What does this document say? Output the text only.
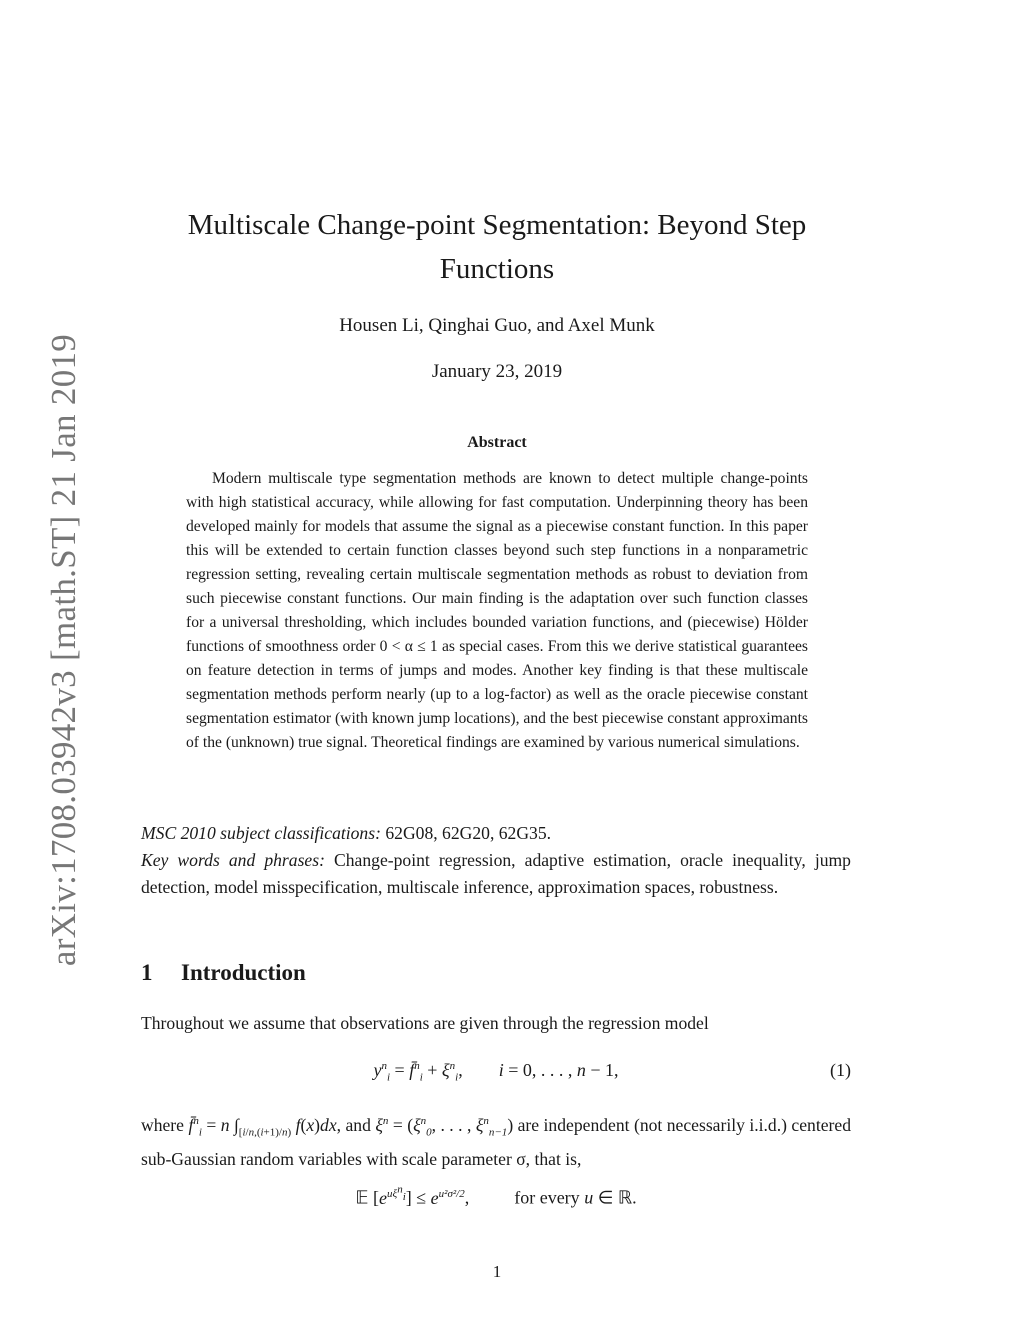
arXiv:1708.03942v3 [math.ST] 21 Jan 2019
Multiscale Change-point Segmentation: Beyond Step Functions
Housen Li, Qinghai Guo, and Axel Munk
January 23, 2019
Abstract
Modern multiscale type segmentation methods are known to detect multiple change-points with high statistical accuracy, while allowing for fast computation. Underpinning theory has been developed mainly for models that assume the signal as a piecewise constant function. In this paper this will be extended to certain function classes beyond such step functions in a nonparametric regression setting, revealing certain multiscale segmentation methods as robust to deviation from such piecewise constant functions. Our main finding is the adaptation over such function classes for a universal thresholding, which includes bounded variation functions, and (piecewise) Hölder functions of smoothness order 0 < α ≤ 1 as special cases. From this we derive statistical guarantees on feature detection in terms of jumps and modes. Another key finding is that these multiscale segmentation methods perform nearly (up to a log-factor) as well as the oracle piecewise constant segmentation estimator (with known jump locations), and the best piecewise constant approximants of the (unknown) true signal. Theoretical findings are examined by various numerical simulations.
MSC 2010 subject classifications: 62G08, 62G20, 62G35.
Key words and phrases: Change-point regression, adaptive estimation, oracle inequality, jump detection, model misspecification, multiscale inference, approximation spaces, robustness.
1 Introduction
Throughout we assume that observations are given through the regression model
$y^n_i$ = f̄$^n_i$ + $\xi^n_i$,        i = 0, . . . , n − 1,	(1)
where f̄$^n_i$ = n $\int_{[i/n,(i+1)/n)}$ f(x)dx, and $\xi^n = (\xi^n_0$, . . . , $\xi^n_{n-1}$) are independent (not necessarily i.i.d.) centered sub-Gaussian random variables with scale parameter σ, that is,
𝔼 $[e^{u\xi^n_i}] \le e^{u^2\sigma^2/2}$,          for every u ∈ ℝ.
1
